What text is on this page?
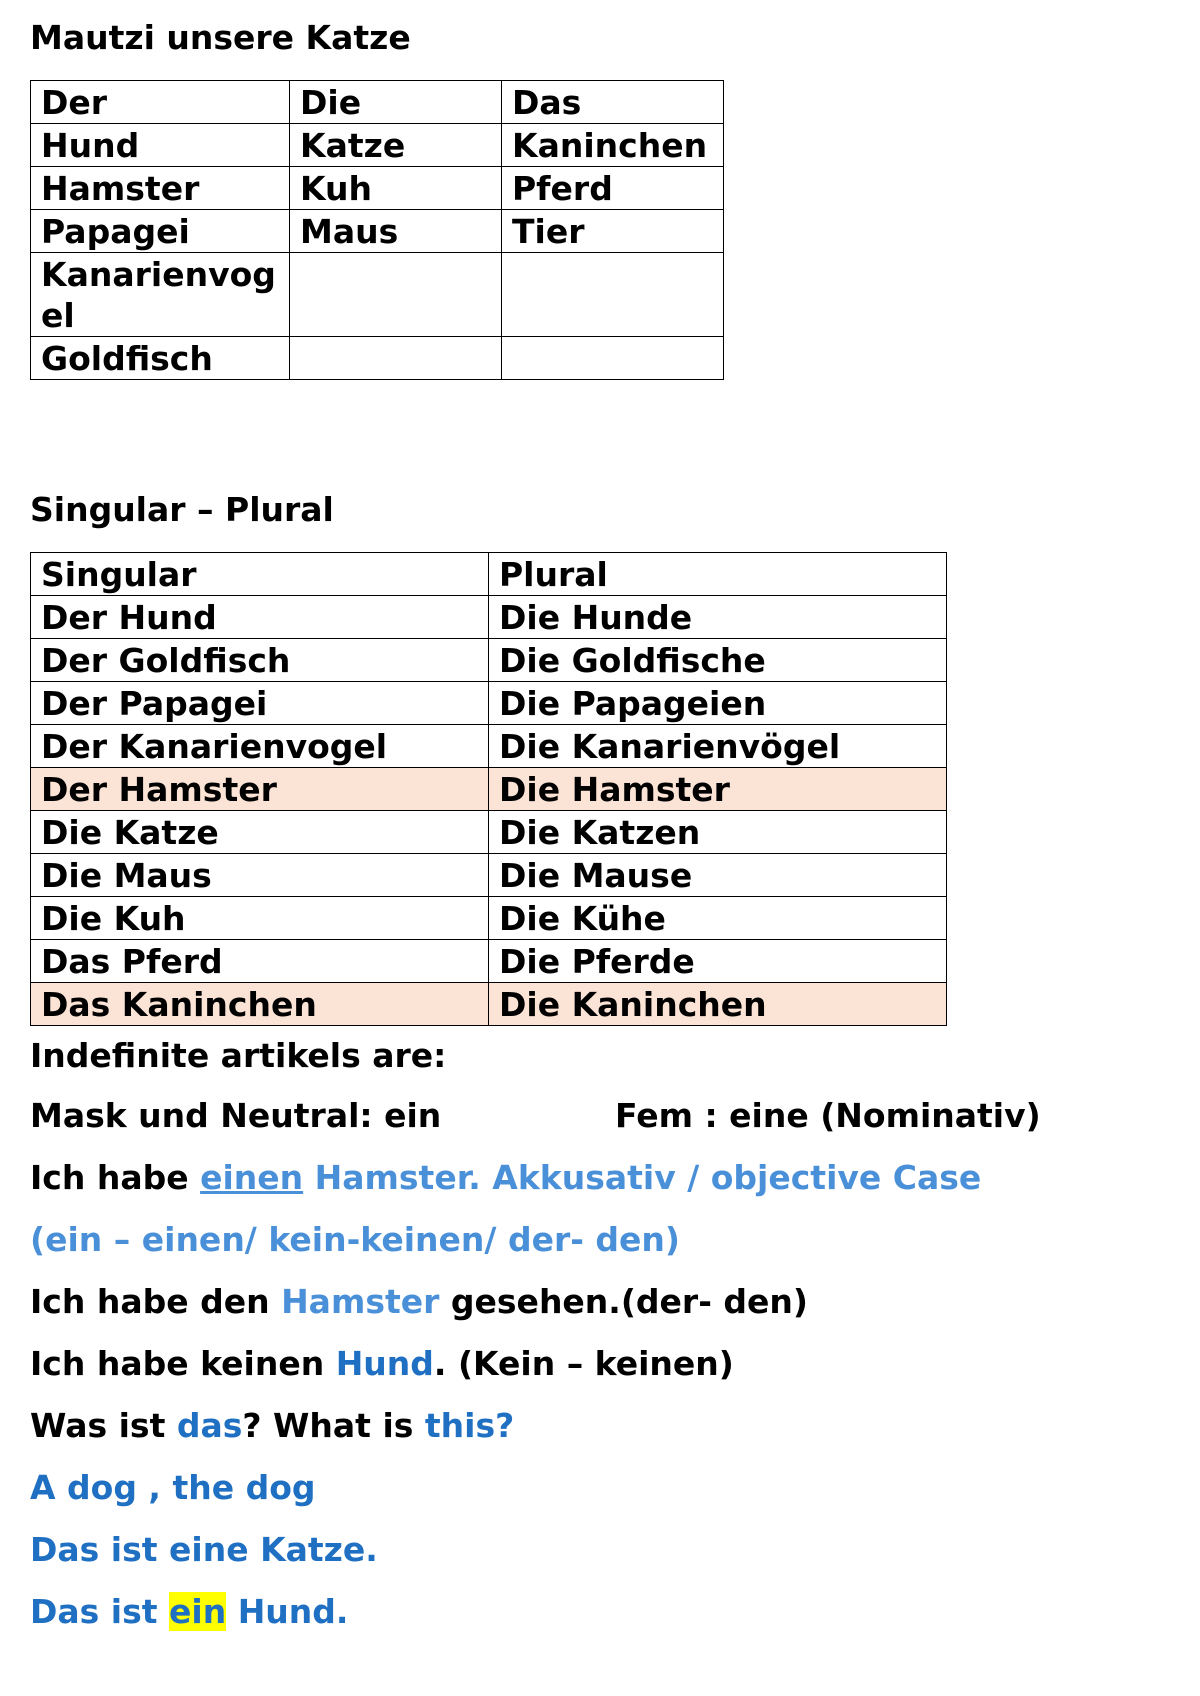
Mautzi unsere Katze
Der	Die	Das
Hund	Katze	Kaninchen
Hamster	Kuh	Pferd
Papagei	Maus	Tier
Kanarienvogel		
Goldfisch		
Singular – Plural
Singular	Plural
Der Hund	Die Hunde
Der Goldfisch	Die Goldfische
Der Papagei	Die Papageien
Der Kanarienvogel	Die Kanarienvögel
Der Hamster	Die Hamster
Die Katze	Die Katzen
Die Maus	Die Mause
Die Kuh	Die Kühe
Das Pferd	Die Pferde
Das Kaninchen	Die Kaninchen
Indefinite artikels are:
Mask und Neutral: ein	Fem : eine (Nominativ)
Ich habe einen Hamster. Akkusativ / objective Case
(ein – einen/ kein-keinen/ der- den)
Ich habe den Hamster gesehen.(der- den)
Ich habe keinen Hund. (Kein – keinen)
Was ist das? What is this?
A dog , the dog
Das ist eine Katze.
Das ist ein Hund.
